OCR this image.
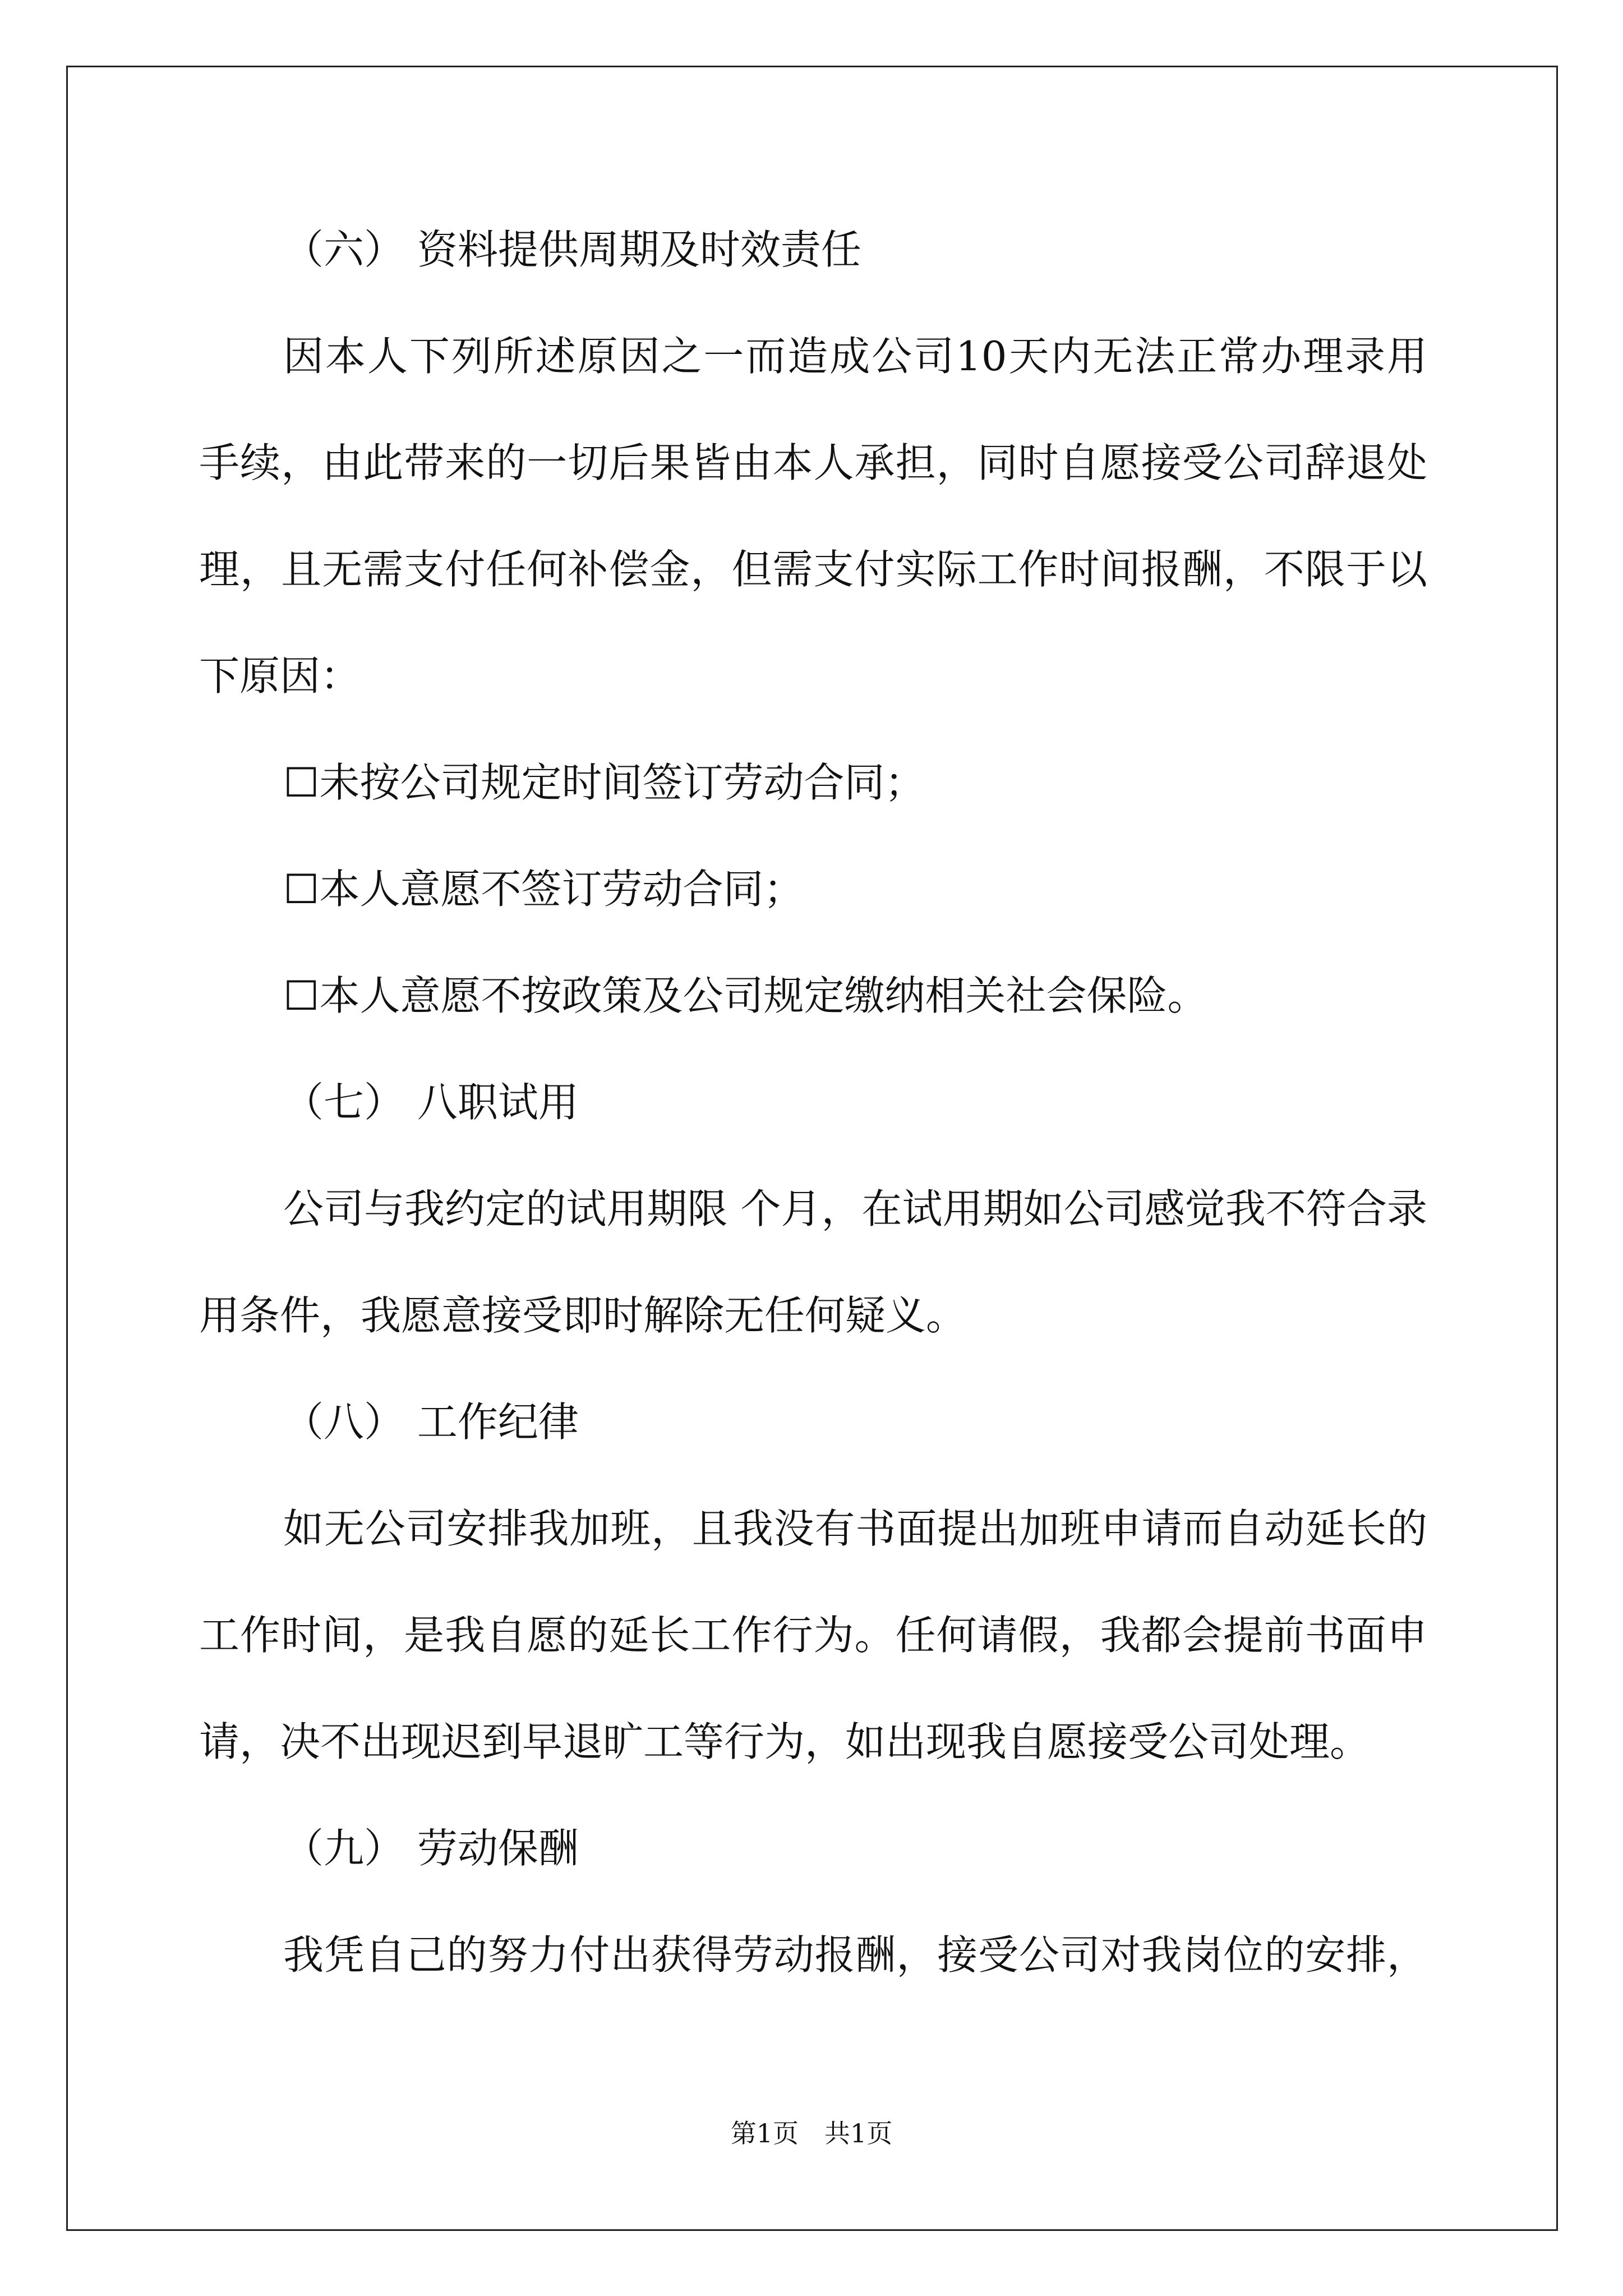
（六） 资料提供周期及时效责任
因本人下列所述原因之一而造成公司10天内无法正常办理录用
手续，由此带来的一切后果皆由本人承担，同时自愿接受公司辞退处
理，且无需支付任何补偿金，但需支付实际工作时间报酬，不限于以
下原因：
☐未按公司规定时间签订劳动合同；
☐本人意愿不签订劳动合同；
☐本人意愿不按政策及公司规定缴纳相关社会保险。
（七） 八职试用
公司与我约定的试用期限 个月，在试用期如公司感觉我不符合录
用条件，我愿意接受即时解除无任何疑义。
（八） 工作纪律
如无公司安排我加班，且我没有书面提出加班申请而自动延长的
工作时间，是我自愿的延长工作行为。任何请假，我都会提前书面申
请，决不出现迟到早退旷工等行为，如出现我自愿接受公司处理。
（九） 劳动保酬
我凭自己的努力付出获得劳动报酬，接受公司对我岗位的安排，
第1页　共1页
